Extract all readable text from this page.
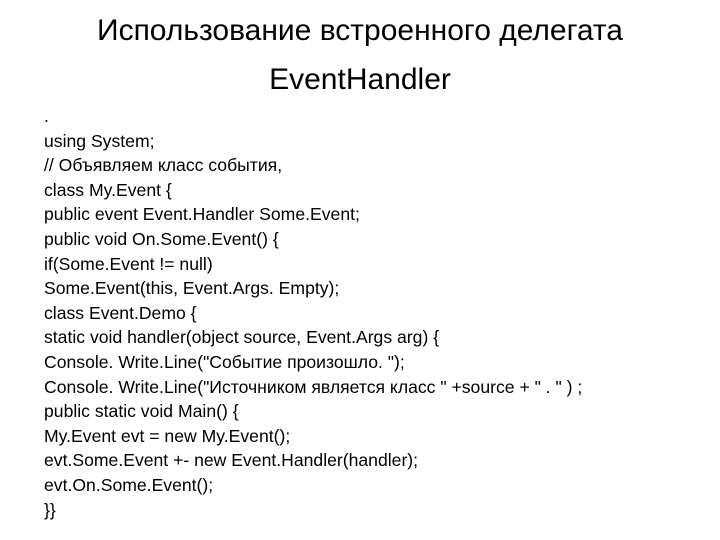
Использование встроенного делегата
EventHandler
.
using System;
// Объявляем класс события,
class My.Event {
public event Event.Handler Some.Event;
public void On.Some.Event() {
if(Some.Event != null)
Some.Event(this, Event.Args. Empty);
class Event.Demo {
static void handler(object source, Event.Args arg) {
Console. Write.Line("Событие произошло. ");
Console. Write.Line("Источником является класс " +source + " . " ) ;
public static void Main() {
My.Event evt = new My.Event();
evt.Some.Event +- new Event.Handler(handler);
evt.On.Some.Event();
}}
